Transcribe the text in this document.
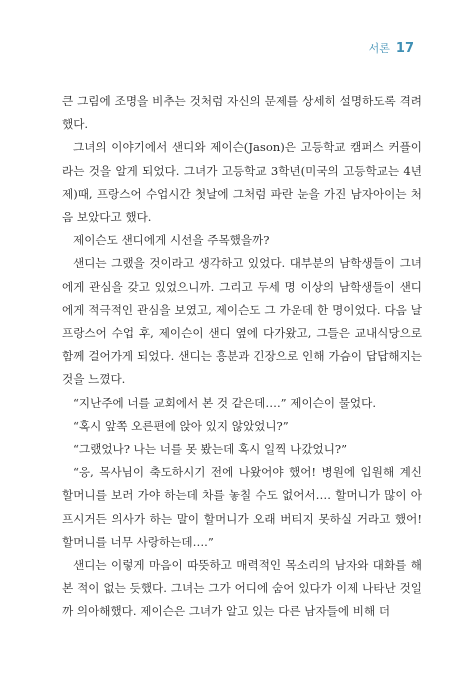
서론 17

큰 그림에 조명을 비추는 것처럼 자신의 문제를 상세히 설명하도록 격려했다.

그녀의 이야기에서 샌디와 제이슨(Jason)은 고등학교 캠퍼스 커플이라는 것을 알게 되었다. 그녀가 고등학교 3학년(미국의 고등학교는 4년제)때, 프랑스어 수업시간 첫날에 그처럼 파란 눈을 가진 남자아이는 처음 보았다고 했다.

제이슨도 샌디에게 시선을 주목했을까?

샌디는 그랬을 것이라고 생각하고 있었다. 대부분의 남학생들이 그녀에게 관심을 갖고 있었으니까. 그리고 두세 명 이상의 남학생들이 샌디에게 적극적인 관심을 보였고, 제이슨도 그 가운데 한 명이었다. 다음 날 프랑스어 수업 후, 제이슨이 샌디 옆에 다가왔고, 그들은 교내식당으로 함께 걸어가게 되었다. 샌디는 흥분과 긴장으로 인해 가슴이 답답해지는 것을 느꼈다.

“지난주에 너를 교회에서 본 것 같은데….” 제이슨이 물었다.

“혹시 앞쪽 오른편에 앉아 있지 않았었니?”

“그랬었나? 나는 너를 못 봤는데 혹시 일찍 나갔었니?”

“응, 목사님이 축도하시기 전에 나왔어야 했어! 병원에 입원해 계신 할머니를 보러 가야 하는데 차를 놓칠 수도 없어서…. 할머니가 많이 아프시거든 의사가 하는 말이 할머니가 오래 버티지 못하실 거라고 했어! 할머니를 너무 사랑하는데….”

샌디는 이렇게 마음이 따뜻하고 매력적인 목소리의 남자와 대화를 해 본 적이 없는 듯했다. 그녀는 그가 어디에 숨어 있다가 이제 나타난 것일까 의아해했다. 제이슨은 그녀가 알고 있는 다른 남자들에 비해 더
